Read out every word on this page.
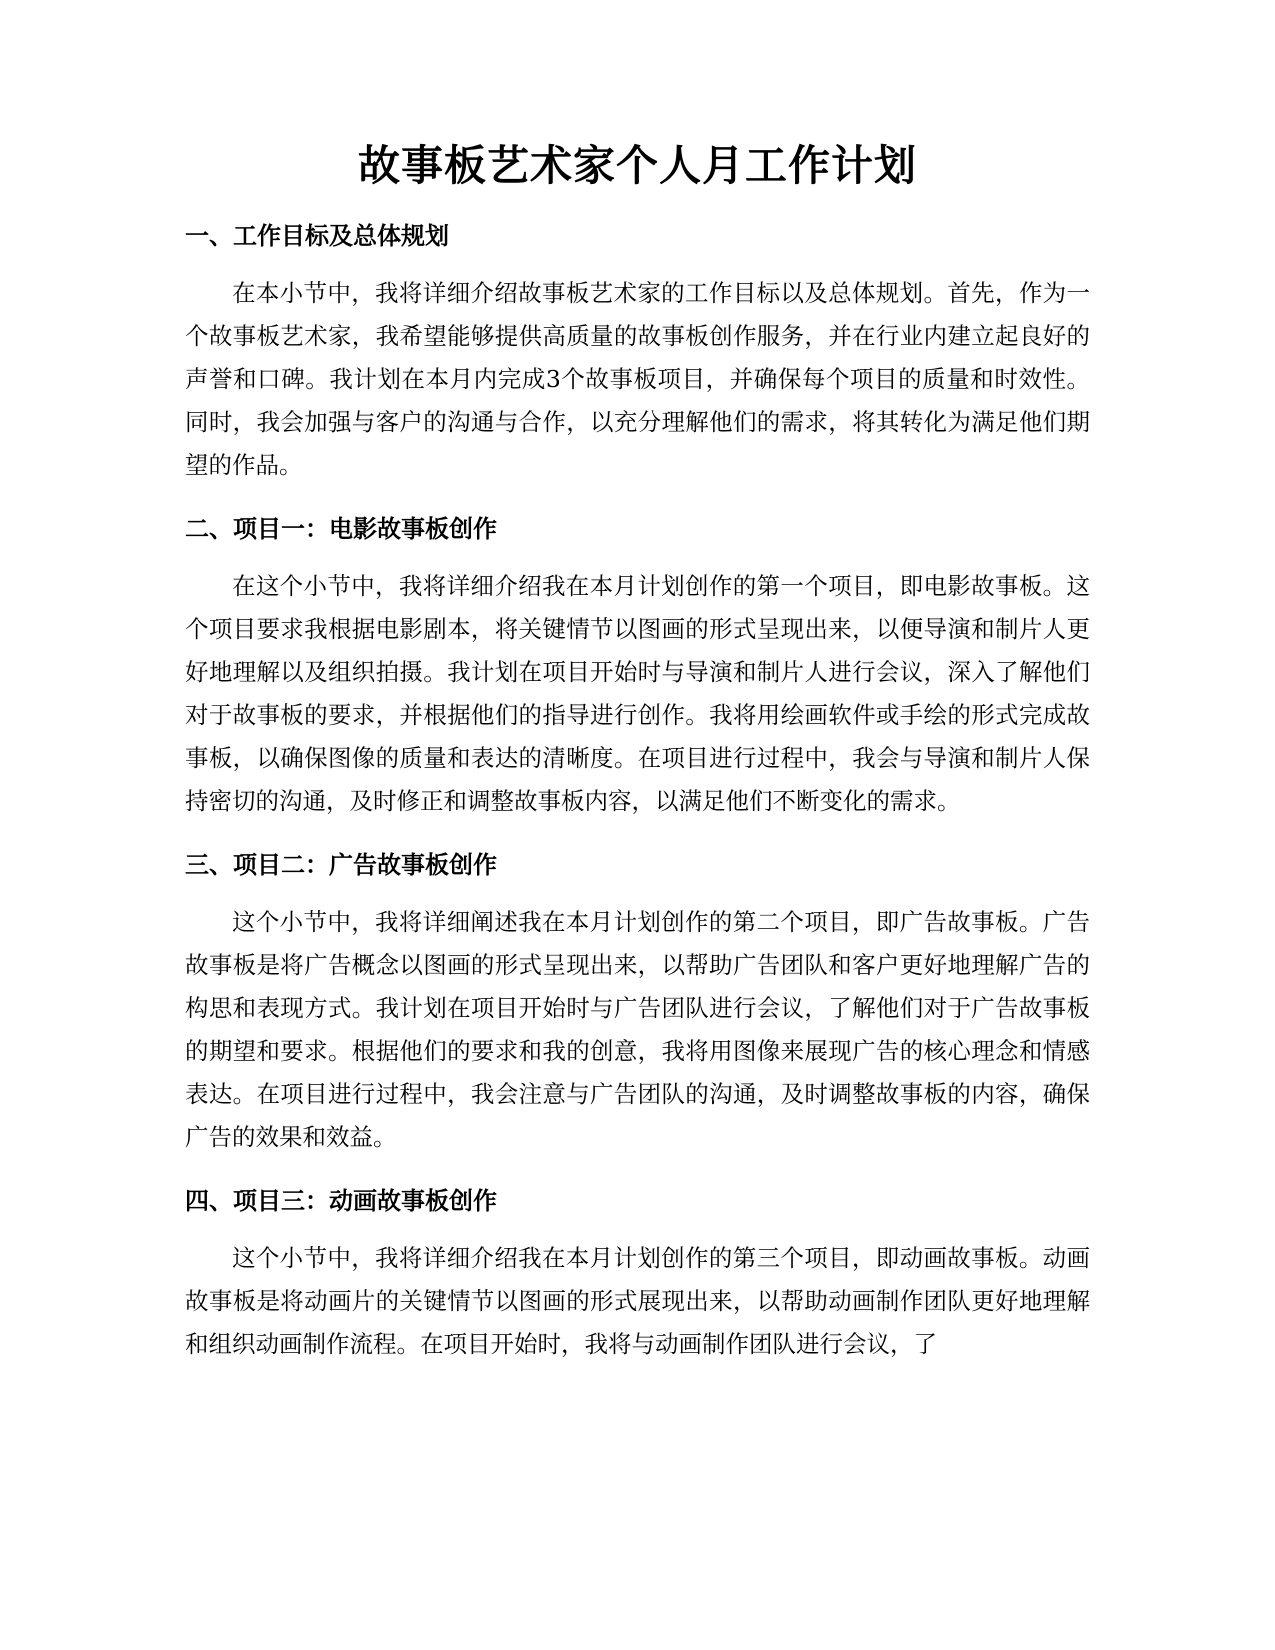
故事板艺术家个人月工作计划
一、工作目标及总体规划

在本小节中，我将详细介绍故事板艺术家的工作目标以及总体规划。首先，作为一个故事板艺术家，我希望能够提供高质量的故事板创作服务，并在行业内建立起良好的声誉和口碑。我计划在本月内完成3个故事板项目，并确保每个项目的质量和时效性。同时，我会加强与客户的沟通与合作，以充分理解他们的需求，将其转化为满足他们期望的作品。

二、项目一：电影故事板创作

在这个小节中，我将详细介绍我在本月计划创作的第一个项目，即电影故事板。这个项目要求我根据电影剧本，将关键情节以图画的形式呈现出来，以便导演和制片人更好地理解以及组织拍摄。我计划在项目开始时与导演和制片人进行会议，深入了解他们对于故事板的要求，并根据他们的指导进行创作。我将用绘画软件或手绘的形式完成故事板，以确保图像的质量和表达的清晰度。在项目进行过程中，我会与导演和制片人保持密切的沟通，及时修正和调整故事板内容，以满足他们不断变化的需求。

三、项目二：广告故事板创作

这个小节中，我将详细阐述我在本月计划创作的第二个项目，即广告故事板。广告故事板是将广告概念以图画的形式呈现出来，以帮助广告团队和客户更好地理解广告的构思和表现方式。我计划在项目开始时与广告团队进行会议，了解他们对于广告故事板的期望和要求。根据他们的要求和我的创意，我将用图像来展现广告的核心理念和情感表达。在项目进行过程中，我会注意与广告团队的沟通，及时调整故事板的内容，确保广告的效果和效益。

四、项目三：动画故事板创作

这个小节中，我将详细介绍我在本月计划创作的第三个项目，即动画故事板。动画故事板是将动画片的关键情节以图画的形式展现出来，以帮助动画制作团队更好地理解和组织动画制作流程。在项目开始时，我将与动画制作团队进行会议，了
